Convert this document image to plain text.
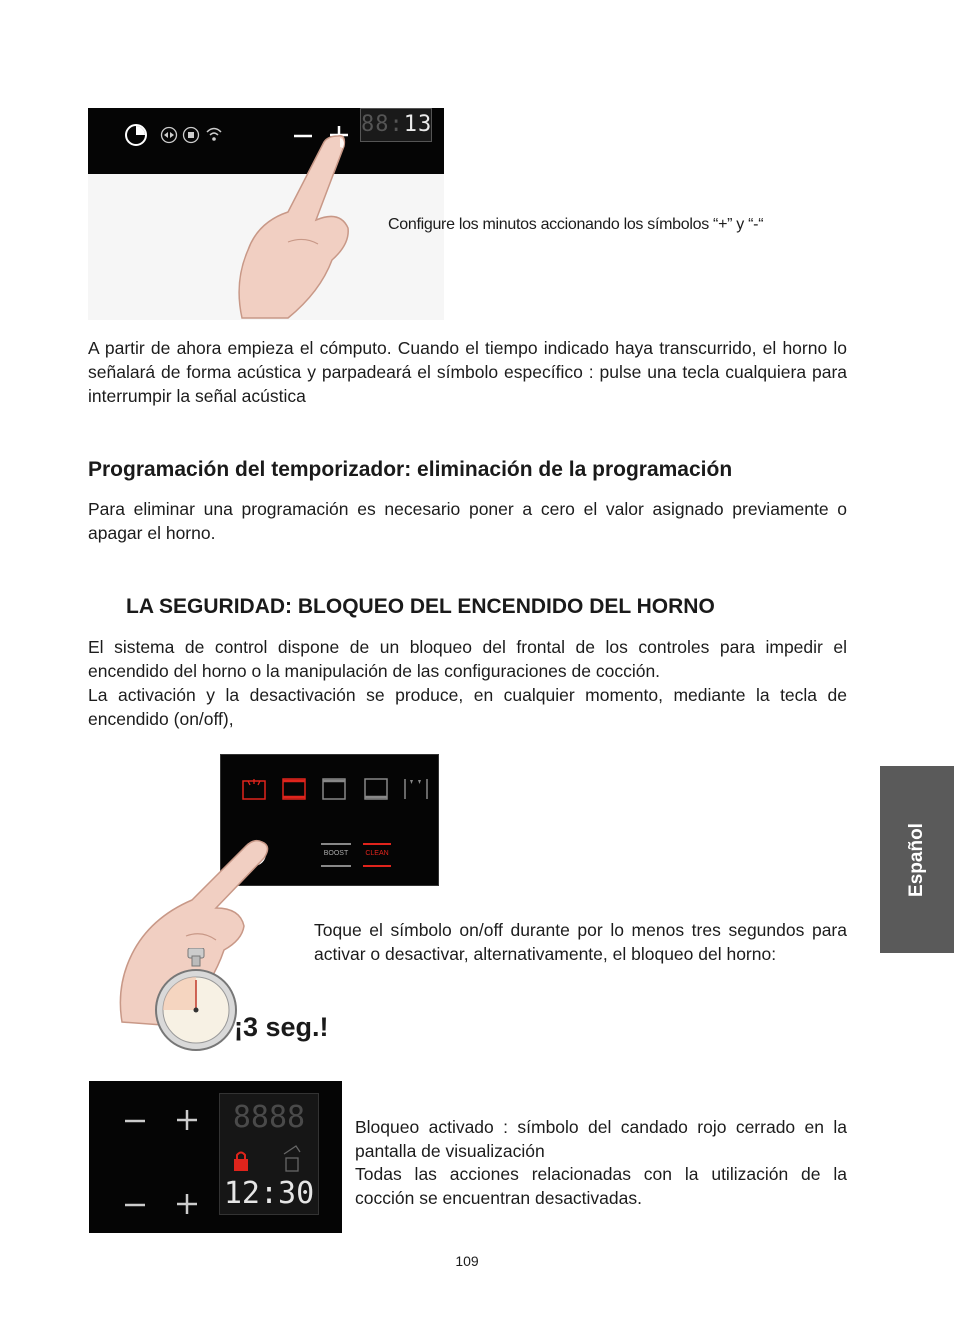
88:13
Configure los minutos accionando los símbolos “+” y “-“
A partir de ahora empieza el cómputo. Cuando el tiempo indicado haya transcurrido, el horno lo señalará de forma acústica y parpadeará el símbolo específico : pulse una tecla cualquiera para interrumpir la señal acústica
Programación del temporizador: eliminación de la programación
Para eliminar una programación es necesario poner a cero el valor asignado previamente o apagar el horno.
LA SEGURIDAD: BLOQUEO DEL ENCENDIDO DEL HORNO
El sistema de control dispone de un bloqueo del frontal de los controles para impedir el encendido del horno o la manipulación de las configuraciones de cocción.
La activación y la desactivación se produce, en cualquier momento, mediante la tecla de encendido (on/off),
BOOST	CLEAN
¡3 seg.!
Toque el símbolo on/off durante por lo menos tres segundos para activar o desactivar, alternativamente, el bloqueo del horno:
8888
12:30
Bloqueo activado : símbolo del candado rojo cerrado en la pantalla de visualización
Todas las acciones relacionadas con la utilización de la cocción se encuentran desactivadas.
Español
109
